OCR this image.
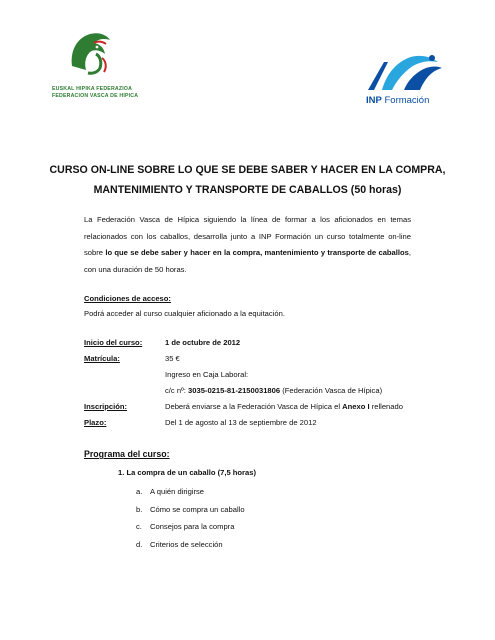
EUSKAL HIPIKA FEDERAZIOA
FEDERACION VASCA DE HIPICA	INP Formación
CURSO ON-LINE SOBRE LO QUE SE DEBE SABER Y HACER EN LA COMPRA,
MANTENIMIENTO Y TRANSPORTE DE CABALLOS (50 horas)

La Federación Vasca de Hípica siguiendo la línea de formar a los aficionados en temas relacionados con los caballos, desarrolla junto a INP Formación un curso totalmente on-line sobre lo que se debe saber y hacer en la compra, mantenimiento y transporte de caballos, con una duración de 50 horas.

Condiciones de acceso:
Podrá acceder al curso cualquier aficionado a la equitación.
Inicio del curso:	1 de octubre de 2012
Matrícula:	35 €
Ingreso en Caja Laboral:
c/c nº: 3035-0215-81-2150031806 (Federación Vasca de Hípica)
Inscripción:	Deberá enviarse a la Federación Vasca de Hípica el Anexo I rellenado
Plazo:	Del 1 de agosto al 13 de septiembre de 2012
Programa del curso:
1. La compra de un caballo (7,5 horas)
a. A quién dirigirse
b. Cómo se compra un caballo
c. Consejos para la compra
d. Criterios de selección
